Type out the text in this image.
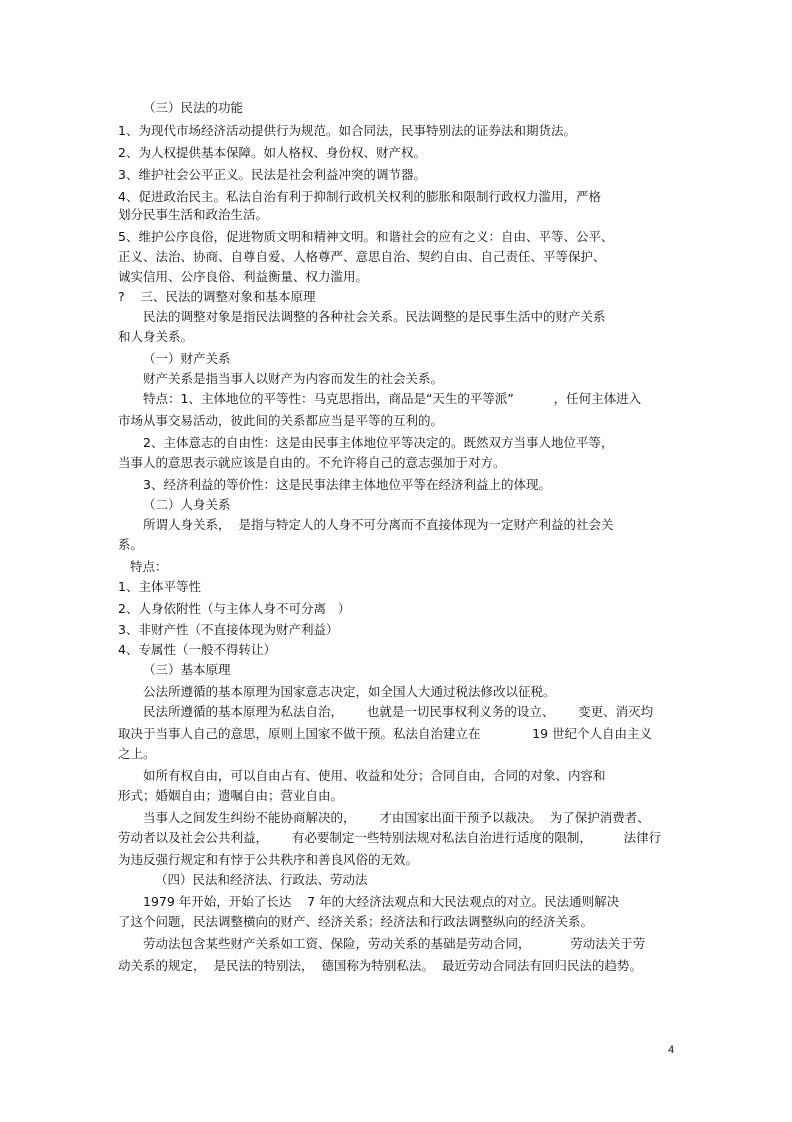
（三）民法的功能
1、为现代市场经济活动提供行为规范。如合同法，民事特别法的证券法和期货法。
2、为人权提供基本保障。如人格权、身份权、财产权。
3、维护社会公平正义。民法是社会利益冲突的调节器。
4、促进政治民主。私法自治有利于抑制行政机关权利的膨胀和限制行政权力滥用，严格
划分民事生活和政治生活。
5、维护公序良俗，促进物质文明和精神文明。和谐社会的应有之义：自由、平等、公平、
正义、法治、协商、自尊自爱、人格尊严、意思自治、契约自由、自己责任、平等保护、
诚实信用、公序良俗、利益衡量、权力滥用。
?    三、民法的调整对象和基本原理
民法的调整对象是指民法调整的各种社会关系。民法调整的是民事生活中的财产关系
和人身关系。
（一）财产关系
财产关系是指当事人以财产为内容而发生的社会关系。
特点：1、主体地位的平等性：马克思指出，商品是“天生的平等派”          ，任何主体进入
市场从事交易活动，彼此间的关系都应当是平等的互利的。
2、主体意志的自由性：这是由民事主体地位平等决定的。既然双方当事人地位平等，
当事人的意思表示就应该是自由的。不允许将自己的意志强加于对方。
3、经济利益的等价性：这是民事法律主体地位平等在经济利益上的体现。
（二）人身关系
所谓人身关系，  是指与特定人的人身不可分离而不直接体现为一定财产利益的社会关
系。
特点：
1、主体平等性
2、人身依附性（与主体人身不可分离   ）
3、非财产性（不直接体现为财产利益）
4、专属性（一般不得转让）
（三）基本原理
公法所遵循的基本原理为国家意志决定，如全国人大通过税法修改以征税。
民法所遵循的基本原理为私法自治，      也就是一切民事权利义务的设立、      变更、消灭均
取决于当事人自己的意思，原则上国家不做干预。私法自治建立在             19 世纪个人自由主义
之上。
如所有权自由，可以自由占有、使用、收益和处分；合同自由，合同的对象、内容和
形式；婚姻自由；遗嘱自由；营业自由。
当事人之间发生纠纷不能协商解决的，      才由国家出面干预予以裁决。  为了保护消费者、
劳动者以及社会公共利益，      有必要制定一些特别法规对私法自治进行适度的限制，        法律行
为违反强行规定和有悖于公共秩序和善良风俗的无效。
（四）民法和经济法、行政法、劳动法
1979 年开始，开始了长达    7 年的大经济法观点和大民法观点的对立。民法通则解决
了这个问题，民法调整横向的财产、经济关系；经济法和行政法调整纵向的经济关系。
劳动法包含某些财产关系如工资、保险，劳动关系的基础是劳动合同，          劳动法关于劳
动关系的规定，  是民法的特别法，  德国称为特别私法。  最近劳动合同法有回归民法的趋势。
4
